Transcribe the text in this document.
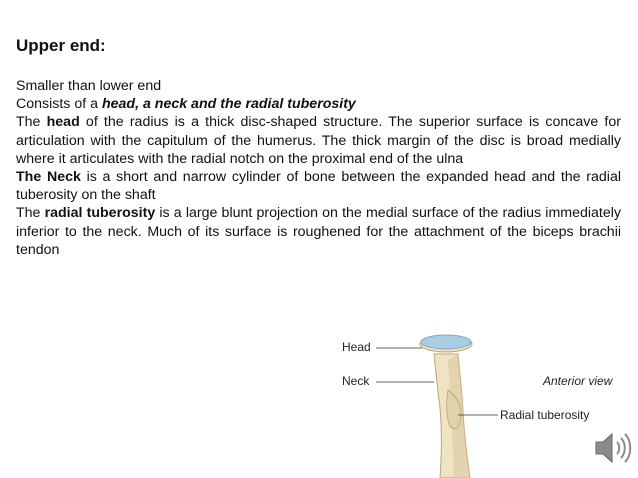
Upper end:

Smaller than lower end

Consists of a head, a neck and the radial tuberosity

The head of the radius is a thick disc-shaped structure. The superior surface is concave for articulation with the capitulum of the humerus. The thick margin of the disc is broad medially where it articulates with the radial notch on the proximal end of the ulna

The Neck is a short and narrow cylinder of bone between the expanded head and the radial tuberosity on the shaft

The radial tuberosity is a large blunt projection on the medial surface of the radius immediately inferior to the neck. Much of its surface is roughened for the attachment of the biceps brachii tendon

Head
Neck	Anterior view
Radial tuberosity
